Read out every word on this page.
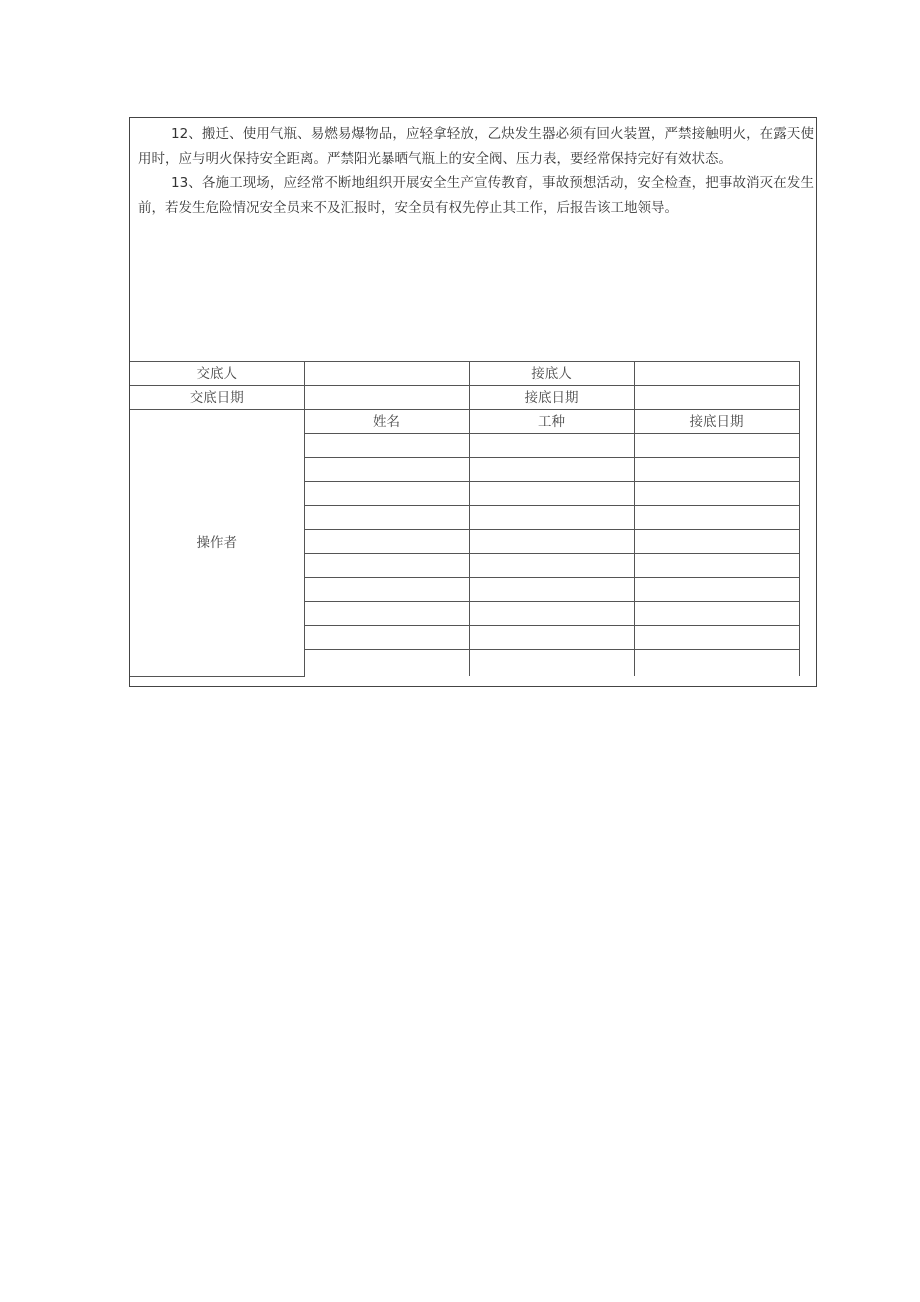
12、搬迁、使用气瓶、易燃易爆物品，应轻拿轻放，乙炔发生器必须有回火装置，严禁接触明火，在露天使用时，应与明火保持安全距离。严禁阳光暴晒气瓶上的安全阀、压力表，要经常保持完好有效状态。

13、各施工现场，应经常不断地组织开展安全生产宣传教育，事故预想活动，安全检查，把事故消灭在发生前，若发生危险情况安全员来不及汇报时，安全员有权先停止其工作，后报告该工地领导。

交底人		接底人	
交底日期		接底日期	
操作者	姓名	工种	接底日期
